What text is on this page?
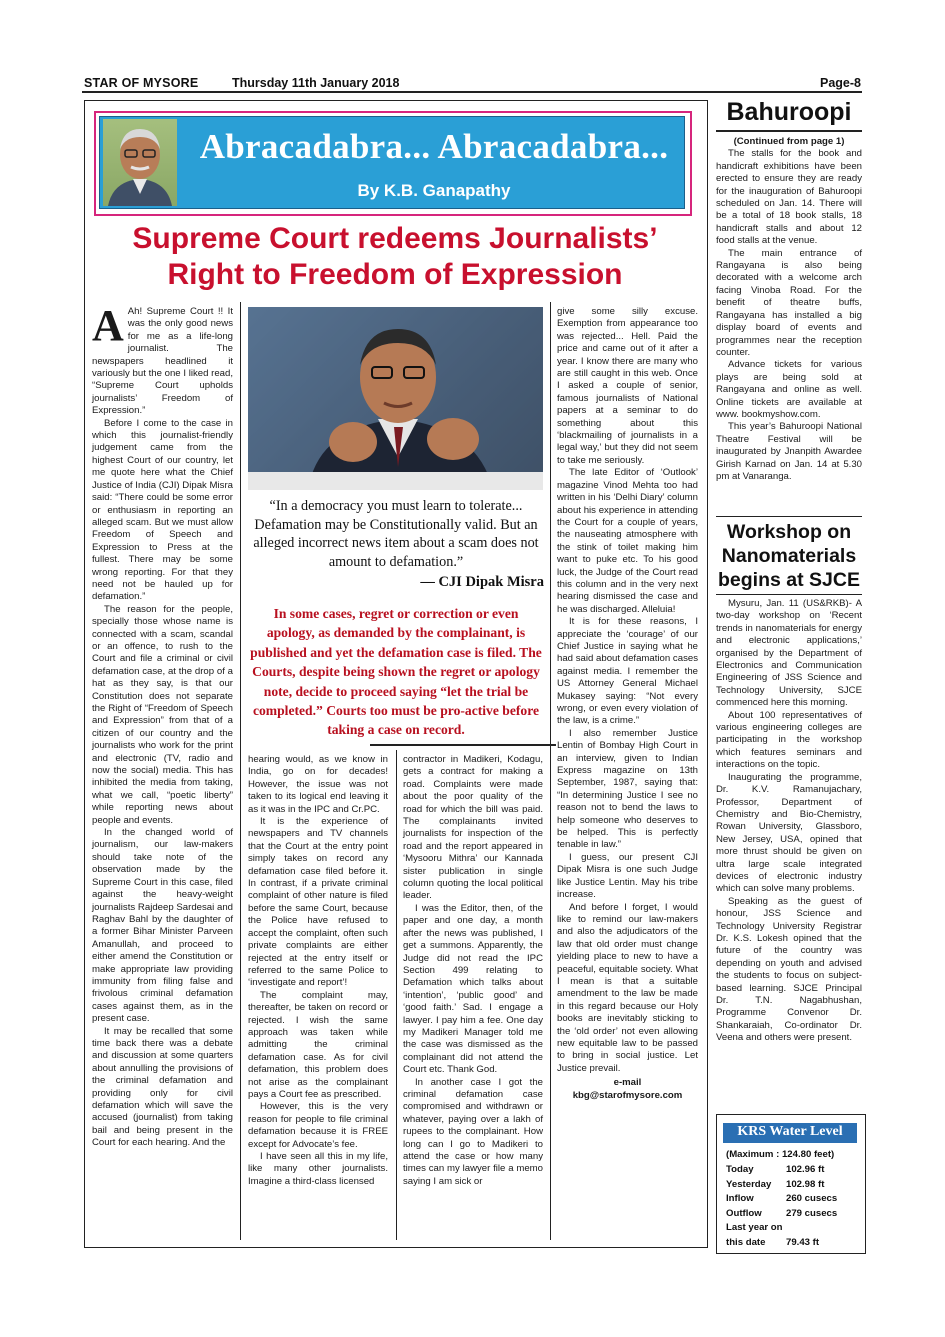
STAR OF MYSORE	Thursday 11th January 2018	Page-8
Abracadabra... Abracadabra...
By K.B. Ganapathy
Supreme Court redeems Journalists’
Right to Freedom of Expression
“In a democracy you must learn to tolerate... Defamation may be Constitutionally valid. But an alleged incorrect news item about a scam does not amount to defamation.”
— CJI Dipak Misra
In some cases, regret or correction or even apology, as demanded by the complainant, is published and yet the defamation case is filed. The Courts, despite being shown the regret or apology note, decide to proceed saying “let the trial be completed.” Courts too must be pro-active before taking a case on record.

A Ah! Supreme Court !! It was the only good news for me as a life-long journalist. The newspapers headlined it variously but the one I liked read, “Supreme Court upholds journalists’ Freedom of Expression.”

Before I come to the case in which this journalist-friendly judgement came from the highest Court of our country, let me quote here what the Chief Justice of India (CJI) Dipak Misra said: “There could be some error or enthusiasm in reporting an alleged scam. But we must allow Freedom of Speech and Expression to Press at the fullest. There may be some wrong reporting. For that they need not be hauled up for defamation.”

The reason for the people, specially those whose name is connected with a scam, scandal or an offence, to rush to the Court and file a criminal or civil defamation case, at the drop of a hat as they say, is that our Constitution does not separate the Right of “Freedom of Speech and Expression” from that of a citizen of our country and the journalists who work for the print and electronic (TV, radio and now the social) media. This has inhibited the media from taking, what we call, “poetic liberty” while reporting news about people and events.

In the changed world of journalism, our law-makers should take note of the observation made by the Supreme Court in this case, filed against the heavy-weight journalists Rajdeep Sardesai and Raghav Bahl by the daughter of a former Bihar Minister Parveen Amanullah, and proceed to either amend the Constitution or make appropriate law providing immunity from filing false and frivolous criminal defamation cases against them, as in the present case.

It may be recalled that some time back there was a debate and discussion at some quarters about annulling the provisions of the criminal defamation and providing only for civil defamation which will save the accused (journalist) from taking bail and being present in the Court for each hearing. And the

hearing would, as we know in India, go on for decades! However, the issue was not taken to its logical end leaving it as it was in the IPC and Cr.PC.

It is the experience of newspapers and TV channels that the Court at the entry point simply takes on record any defamation case filed before it. In contrast, if a private criminal complaint of other nature is filed before the same Court, because the Police have refused to accept the complaint, often such private complaints are either rejected at the entry itself or referred to the same Police to ‘investigate and report’!

The complaint may, thereafter, be taken on record or rejected. I wish the same approach was taken while admitting the criminal defamation case. As for civil defamation, this problem does not arise as the complainant pays a Court fee as prescribed.

However, this is the very reason for people to file criminal defamation because it is FREE except for Advocate’s fee.

I have seen all this in my life, like many other journalists. Imagine a third-class licensed

contractor in Madikeri, Kodagu, gets a contract for making a road. Complaints were made about the poor quality of the road for which the bill was paid. The complainants invited journalists for inspection of the road and the report appeared in ‘Mysooru Mithra’ our Kannada sister publication in single column quoting the local political leader.

I was the Editor, then, of the paper and one day, a month after the news was published, I get a summons. Apparently, the Judge did not read the IPC Section 499 relating to Defamation which talks about ‘intention’, ‘public good’ and ‘good faith.’ Sad. I engage a lawyer. I pay him a fee. One day my Madikeri Manager told me the case was dismissed as the complainant did not attend the Court etc. Thank God.

In another case I got the criminal defamation case compromised and withdrawn or whatever, paying over a lakh of rupees to the complainant. How long can I go to Madikeri to attend the case or how many times can my lawyer file a memo saying I am sick or

give some silly excuse. Exemption from appearance too was rejected... Hell. Paid the price and came out of it after a year. I know there are many who are still caught in this web. Once I asked a couple of senior, famous journalists of National papers at a seminar to do something about this ‘blackmailing of journalists in a legal way,’ but they did not seem to take me seriously.

The late Editor of ‘Outlook’ magazine Vinod Mehta too had written in his ‘Delhi Diary’ column about his experience in attending the Court for a couple of years, the nauseating atmosphere with the stink of toilet making him want to puke etc. To his good luck, the Judge of the Court read this column and in the very next hearing dismissed the case and he was discharged. Alleluia!

It is for these reasons, I appreciate the ‘courage’ of our Chief Justice in saying what he had said about defamation cases against media. I remember the US Attorney General Michael Mukasey saying: “Not every wrong, or even every violation of the law, is a crime.”

I also remember Justice Lentin of Bombay High Court in an interview, given to Indian Express magazine on 13th September, 1987, saying that: “In determining Justice I see no reason not to bend the laws to help someone who deserves to be helped. This is perfectly tenable in law.”

I guess, our present CJI Dipak Misra is one such Judge like Justice Lentin. May his tribe increase.

And before I forget, I would like to remind our law-makers and also the adjudicators of the law that old order must change yielding place to new to have a peaceful, equitable society. What I mean is that a suitable amendment to the law be made in this regard because our Holy books are inevitably sticking to the ‘old order’ not even allowing new equitable law to be passed to bring in social justice. Let Justice prevail.

e-mail
kbg@starofmysore.com
Bahuroopi
(Continued from page 1)

The stalls for the book and handicraft exhibitions have been erected to ensure they are ready for the inauguration of Bahuroopi scheduled on Jan. 14. There will be a total of 18 book stalls, 18 handicraft stalls and about 12 food stalls at the venue.

The main entrance of Rangayana is also being decorated with a welcome arch facing Vinoba Road. For the benefit of theatre buffs, Rangayana has installed a big display board of events and programmes near the reception counter.

Advance tickets for various plays are being sold at Rangayana and online as well. Online tickets are available at www. bookmyshow.com.

This year’s Bahuroopi National Theatre Festival will be inaugurated by Jnanpith Awardee Girish Karnad on Jan. 14 at 5.30 pm at Vanaranga.

Workshop on
Nanomaterials
begins at SJCE

Mysuru, Jan. 11 (US&RKB)- A two-day workshop on ‘Recent trends in nanomaterials for energy and electronic applications,’ organised by the Department of Electronics and Communication Engineering of JSS Science and Technology University, SJCE commenced here this morning.

About 100 representatives of various engineering colleges are participating in the workshop which features seminars and interactions on the topic.

Inaugurating the programme, Dr. K.V. Ramanujachary, Professor, Department of Chemistry and Bio-Chemistry, Rowan University, Glassboro, New Jersey, USA, opined that more thrust should be given on ultra large scale integrated devices of electronic industry which can solve many problems.

Speaking as the guest of honour, JSS Science and Technology University Registrar Dr. K.S. Lokesh opined that the future of the country was depending on youth and advised the students to focus on subject-based learning. SJCE Principal Dr. T.N. Nagabhushan, Programme Convenor Dr. Shankaraiah, Co-ordinator Dr. Veena and others were present.

KRS Water Level
(Maximum : 124.80 feet)
Today	102.96 ft
Yesterday 102.98 ft
Inflow	260 cusecs
Outflow	279 cusecs
Last year on
this date 79.43 ft
